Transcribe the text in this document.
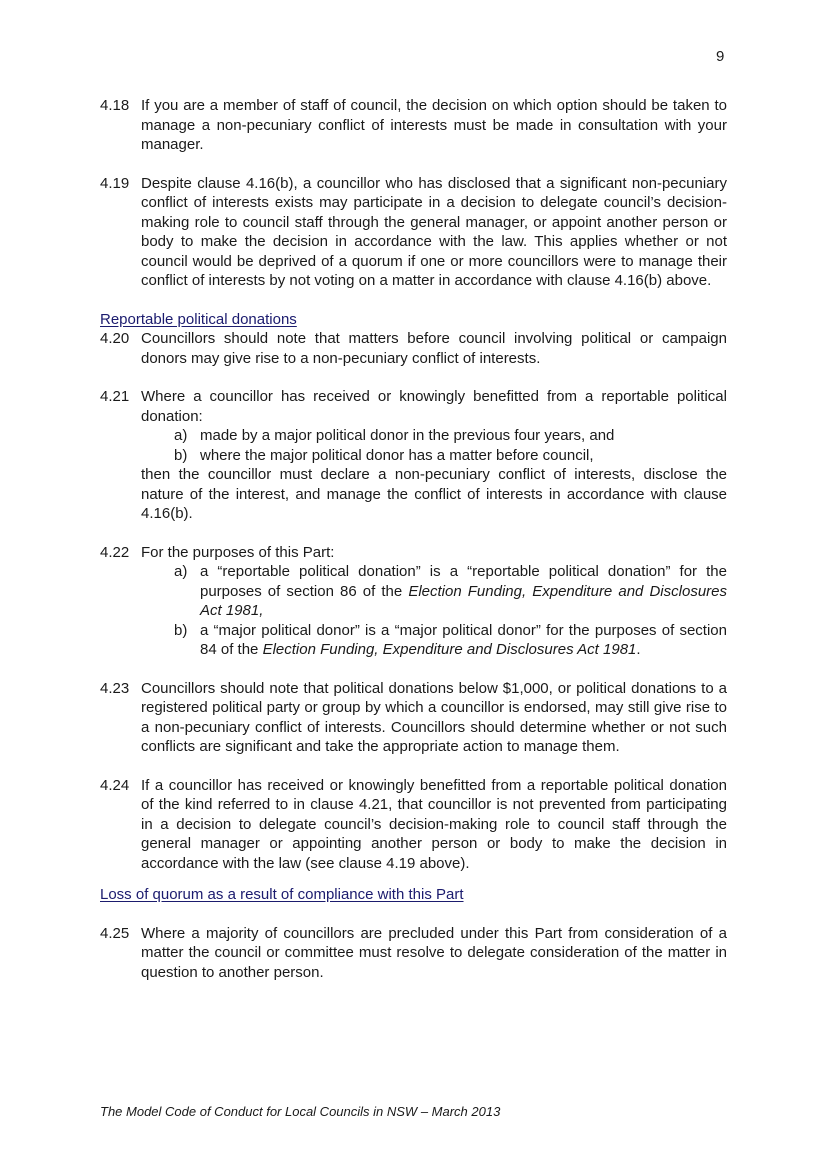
9
4.18 If you are a member of staff of council, the decision on which option should be taken to manage a non-pecuniary conflict of interests must be made in consultation with your manager.
4.19 Despite clause 4.16(b), a councillor who has disclosed that a significant non-pecuniary conflict of interests exists may participate in a decision to delegate council’s decision-making role to council staff through the general manager, or appoint another person or body to make the decision in accordance with the law. This applies whether or not council would be deprived of a quorum if one or more councillors were to manage their conflict of interests by not voting on a matter in accordance with clause 4.16(b) above.
Reportable political donations
4.20 Councillors should note that matters before council involving political or campaign donors may give rise to a non-pecuniary conflict of interests.
4.21 Where a councillor has received or knowingly benefitted from a reportable political donation:
a) made by a major political donor in the previous four years, and
b) where the major political donor has a matter before council,
then the councillor must declare a non-pecuniary conflict of interests, disclose the nature of the interest, and manage the conflict of interests in accordance with clause 4.16(b).
4.22 For the purposes of this Part:
a) a “reportable political donation” is a “reportable political donation” for the purposes of section 86 of the Election Funding, Expenditure and Disclosures Act 1981,
b) a “major political donor” is a “major political donor” for the purposes of section 84 of the Election Funding, Expenditure and Disclosures Act 1981.
4.23 Councillors should note that political donations below $1,000, or political donations to a registered political party or group by which a councillor is endorsed, may still give rise to a non-pecuniary conflict of interests. Councillors should determine whether or not such conflicts are significant and take the appropriate action to manage them.
4.24 If a councillor has received or knowingly benefitted from a reportable political donation of the kind referred to in clause 4.21, that councillor is not prevented from participating in a decision to delegate council’s decision-making role to council staff through the general manager or appointing another person or body to make the decision in accordance with the law (see clause 4.19 above).
Loss of quorum as a result of compliance with this Part
4.25 Where a majority of councillors are precluded under this Part from consideration of a matter the council or committee must resolve to delegate consideration of the matter in question to another person.
The Model Code of Conduct for Local Councils in NSW – March 2013
